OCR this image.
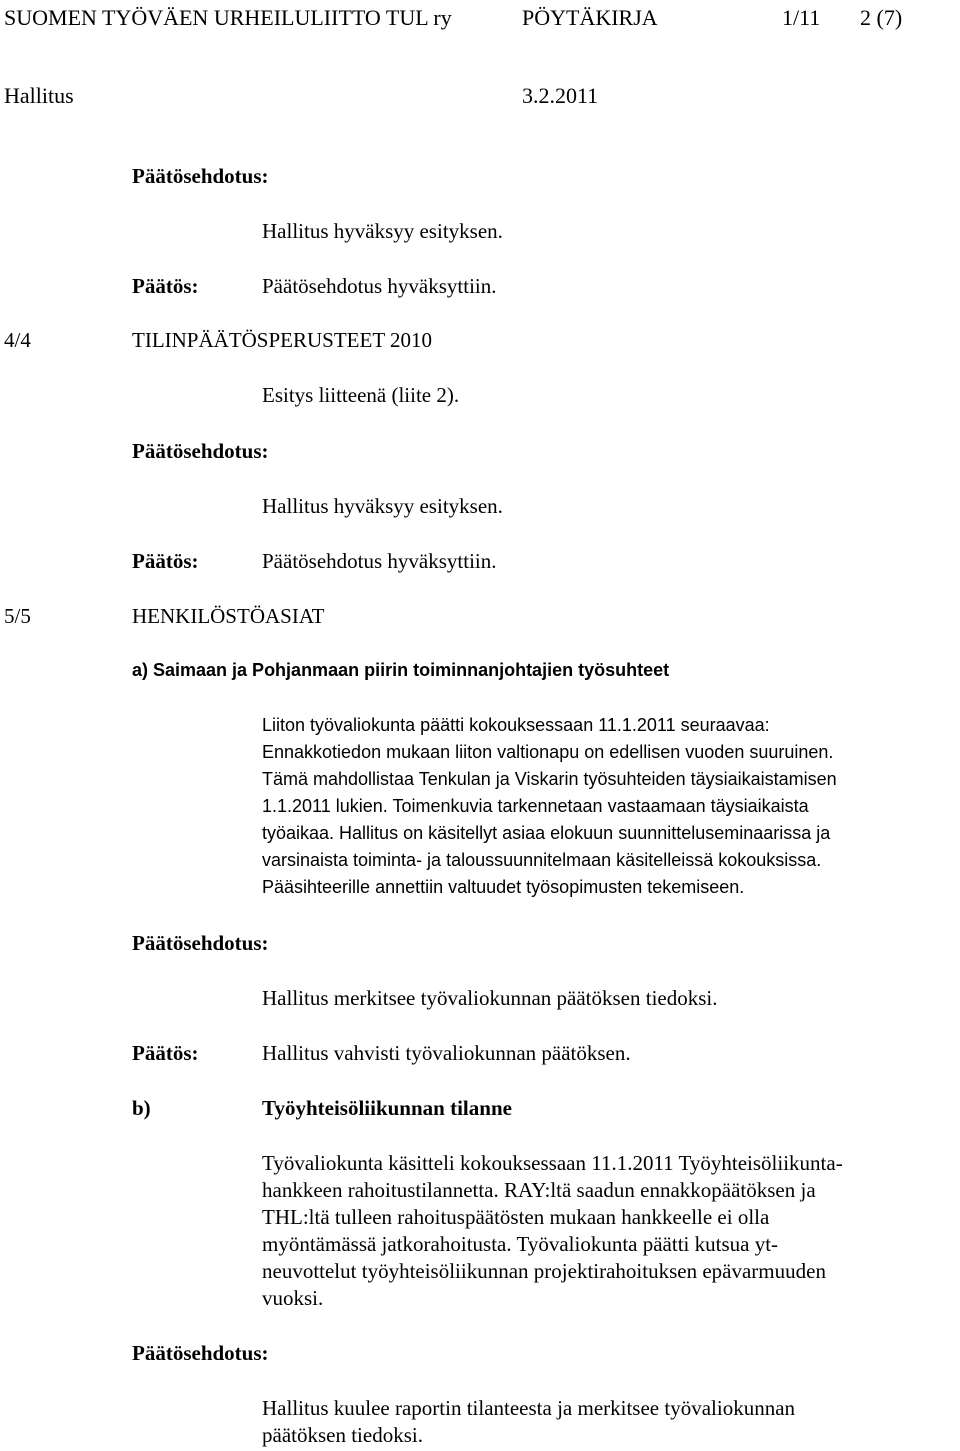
SUOMEN TYÖVÄEN URHEILULIITTO TUL ry	PÖYTÄKIRJA	1/11 2 (7)
Hallitus	3.2.2011
Päätösehdotus:
Hallitus hyväksyy esityksen.
Päätös:	Päätösehdotus hyväksyttiin.
4/4	TILINPÄÄTÖSPERUSTEET 2010
Esitys liitteenä (liite 2).
Päätösehdotus:
Hallitus hyväksyy esityksen.
Päätös:	Päätösehdotus hyväksyttiin.
5/5	HENKILÖSTÖASIAT
a) Saimaan ja Pohjanmaan piirin toiminnanjohtajien työsuhteet
Liiton työvaliokunta päätti kokouksessaan 11.1.2011 seuraavaa:
Ennakkotiedon mukaan liiton valtionapu on edellisen vuoden suuruinen.
Tämä mahdollistaa Tenkulan ja Viskarin työsuhteiden täysiaikaistamisen
1.1.2011 lukien. Toimenkuvia tarkennetaan vastaamaan täysiaikaista
työaikaa. Hallitus on käsitellyt asiaa elokuun suunnitteluseminaarissa ja
varsinaista toiminta- ja taloussuunnitelmaan käsitelleissä kokouksissa.
Pääsihteerille annettiin valtuudet työsopimusten tekemiseen.
Päätösehdotus:
Hallitus merkitsee työvaliokunnan päätöksen tiedoksi.
Päätös:	Hallitus vahvisti työvaliokunnan päätöksen.
b)	Työyhteisöliikunnan tilanne
Työvaliokunta käsitteli kokouksessaan 11.1.2011 Työyhteisöliikunta-
hankkeen rahoitustilannetta. RAY:ltä saadun ennakkopäätöksen ja
THL:ltä tulleen rahoituspäätösten mukaan hankkeelle ei olla
myöntämässä jatkorahoitusta. Työvaliokunta päätti kutsua yt-
neuvottelut työyhteisöliikunnan projektirahoituksen epävarmuuden
vuoksi.
Päätösehdotus:
Hallitus kuulee raportin tilanteesta ja merkitsee työvaliokunnan
päätöksen tiedoksi.
